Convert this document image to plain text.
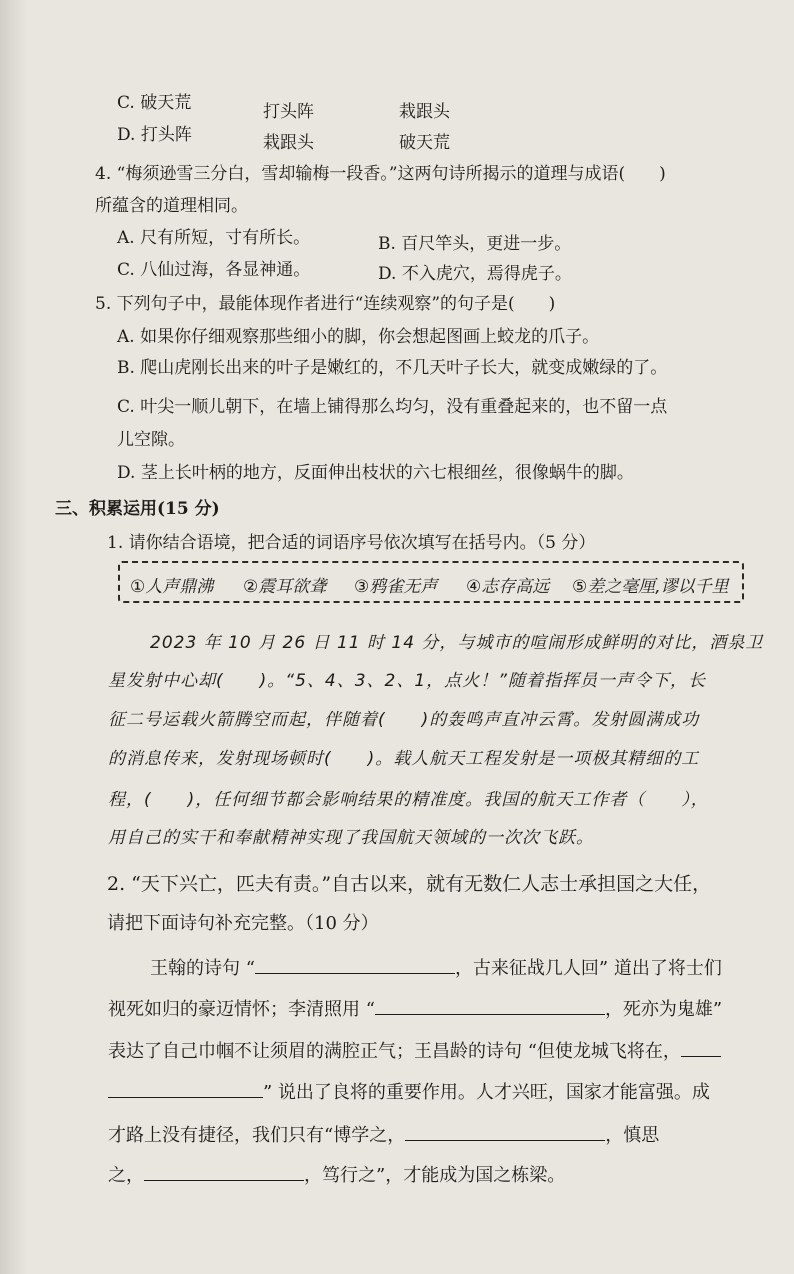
C. 破天荒	打头阵	栽跟头
D. 打头阵	栽跟头	破天荒
4. “梅须逊雪三分白，雪却输梅一段香。”这两句诗所揭示的道理与成语(　　)
所蕴含的道理相同。
A. 尺有所短，寸有所长。	B. 百尺竿头，更进一步。
C. 八仙过海，各显神通。	D. 不入虎穴，焉得虎子。
5. 下列句子中，最能体现作者进行“连续观察”的句子是(　　)
A. 如果你仔细观察那些细小的脚，你会想起图画上蛟龙的爪子。
B. 爬山虎刚长出来的叶子是嫩红的，不几天叶子长大，就变成嫩绿的了。
C. 叶尖一顺儿朝下，在墙上铺得那么均匀，没有重叠起来的，也不留一点
儿空隙。
D. 茎上长叶柄的地方，反面伸出枝状的六七根细丝，很像蜗牛的脚。
三、积累运用(15 分)
1. 请你结合语境，把合适的词语序号依次填写在括号内。（5 分）
①人声鼎沸 ②震耳欲聋 ③鸦雀无声 ④志存高远 ⑤差之毫厘,谬以千里
2023 年 10 月 26 日 11 时 14 分，与城市的喧闹形成鲜明的对比，酒泉卫
星发射中心却(　　)。“5、4、3、2、1，点火！”随着指挥员一声令下，长
征二号运载火箭腾空而起，伴随着(　　)的轰鸣声直冲云霄。发射圆满成功
的消息传来，发射现场顿时(　　)。载人航天工程发射是一项极其精细的工
程，(　　)，任何细节都会影响结果的精准度。我国的航天工作者（　　），
用自己的实干和奉献精神实现了我国航天领域的一次次飞跃。
2. “天下兴亡，匹夫有责。”自古以来，就有无数仁人志士承担国之大任，
请把下面诗句补充完整。（10 分）
王翰的诗句 “	，古来征战几人回” 道出了将士们
视死如归的豪迈情怀；李清照用 “	，死亦为鬼雄”
表达了自己巾帼不让须眉的满腔正气；王昌龄的诗句 “但使龙城飞将在，
” 说出了良将的重要作用。人才兴旺，国家才能富强。成
才路上没有捷径，我们只有“博学之，	，慎思
之，	，笃行之”，才能成为国之栋梁。
